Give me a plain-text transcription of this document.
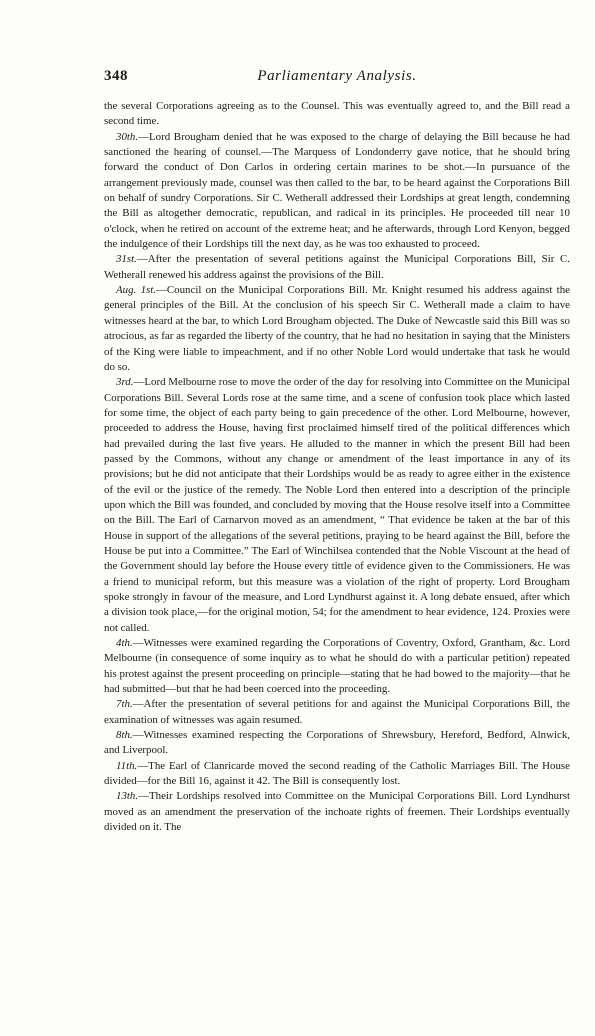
348	Parliamentary Analysis.

the several Corporations agreeing as to the Counsel. This was eventually agreed to, and the Bill read a second time.

30th.—Lord Brougham denied that he was exposed to the charge of delaying the Bill because he had sanctioned the hearing of counsel.—The Marquess of Londonderry gave notice, that he should bring forward the conduct of Don Carlos in ordering certain marines to be shot.—In pursuance of the arrangement previously made, counsel was then called to the bar, to be heard against the Corporations Bill on behalf of sundry Corporations. Sir C. Wetherall addressed their Lordships at great length, condemning the Bill as altogether democratic, republican, and radical in its principles. He proceeded till near 10 o'clock, when he retired on account of the extreme heat; and he afterwards, through Lord Kenyon, begged the indulgence of their Lordships till the next day, as he was too exhausted to proceed.

31st.—After the presentation of several petitions against the Municipal Corporations Bill, Sir C. Wetherall renewed his address against the provisions of the Bill.

Aug. 1st.—Council on the Municipal Corporations Bill. Mr. Knight resumed his address against the general principles of the Bill. At the conclusion of his speech Sir C. Wetherall made a claim to have witnesses heard at the bar, to which Lord Brougham objected. The Duke of Newcastle said this Bill was so atrocious, as far as regarded the liberty of the country, that he had no hesitation in saying that the Ministers of the King were liable to impeachment, and if no other Noble Lord would undertake that task he would do so.

3rd.—Lord Melbourne rose to move the order of the day for resolving into Committee on the Municipal Corporations Bill. Several Lords rose at the same time, and a scene of confusion took place which lasted for some time, the object of each party being to gain precedence of the other. Lord Melbourne, however, proceeded to address the House, having first proclaimed himself tired of the political differences which had prevailed during the last five years. He alluded to the manner in which the present Bill had been passed by the Commons, without any change or amendment of the least importance in any of its provisions; but he did not anticipate that their Lordships would be as ready to agree either in the existence of the evil or the justice of the remedy. The Noble Lord then entered into a description of the principle upon which the Bill was founded, and concluded by moving that the House resolve itself into a Committee on the Bill. The Earl of Carnarvon moved as an amendment, “ That evidence be taken at the bar of this House in support of the allegations of the several petitions, praying to be heard against the Bill, before the House be put into a Committee.” The Earl of Winchilsea contended that the Noble Viscount at the head of the Government should lay before the House every tittle of evidence given to the Commissioners. He was a friend to municipal reform, but this measure was a violation of the right of property. Lord Brougham spoke strongly in favour of the measure, and Lord Lyndhurst against it. A long debate ensued, after which a division took place,—for the original motion, 54; for the amendment to hear evidence, 124. Proxies were not called.

4th.—Witnesses were examined regarding the Corporations of Coventry, Oxford, Grantham, &c. Lord Melbourne (in consequence of some inquiry as to what he should do with a particular petition) repeated his protest against the present proceeding on principle—stating that he had bowed to the majority—that he had submitted—but that he had been coerced into the proceeding.

7th.—After the presentation of several petitions for and against the Municipal Corporations Bill, the examination of witnesses was again resumed.

8th.—Witnesses examined respecting the Corporations of Shrewsbury, Hereford, Bedford, Alnwick, and Liverpool.

11th.—The Earl of Clanricarde moved the second reading of the Catholic Marriages Bill. The House divided—for the Bill 16, against it 42. The Bill is consequently lost.

13th.—Their Lordships resolved into Committee on the Municipal Corporations Bill. Lord Lyndhurst moved as an amendment the preservation of the inchoate rights of freemen. Their Lordships eventually divided on it. The
